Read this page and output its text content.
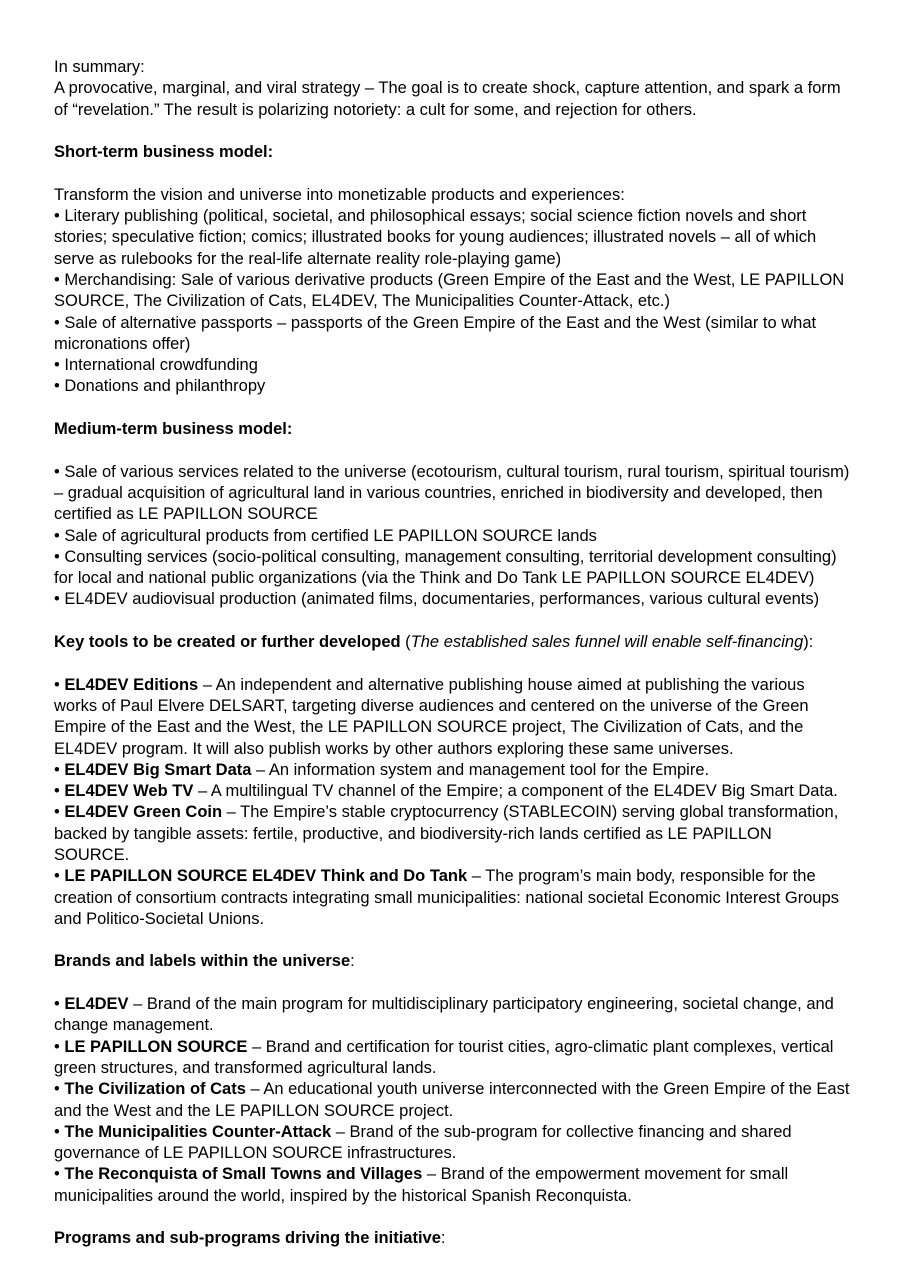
In summary:

A provocative, marginal, and viral strategy – The goal is to create shock, capture attention, and spark a form of “revelation.” The result is polarizing notoriety: a cult for some, and rejection for others.

Short-term business model:

Transform the vision and universe into monetizable products and experiences:

• Literary publishing (political, societal, and philosophical essays; social science fiction novels and short stories; speculative fiction; comics; illustrated books for young audiences; illustrated novels – all of which serve as rulebooks for the real-life alternate reality role-playing game)

• Merchandising: Sale of various derivative products (Green Empire of the East and the West, LE PAPILLON SOURCE, The Civilization of Cats, EL4DEV, The Municipalities Counter-Attack, etc.)

• Sale of alternative passports – passports of the Green Empire of the East and the West (similar to what micronations offer)

• International crowdfunding

• Donations and philanthropy

Medium-term business model:

• Sale of various services related to the universe (ecotourism, cultural tourism, rural tourism, spiritual tourism) – gradual acquisition of agricultural land in various countries, enriched in biodiversity and developed, then certified as LE PAPILLON SOURCE

• Sale of agricultural products from certified LE PAPILLON SOURCE lands

• Consulting services (socio-political consulting, management consulting, territorial development consulting) for local and national public organizations (via the Think and Do Tank LE PAPILLON SOURCE EL4DEV)

• EL4DEV audiovisual production (animated films, documentaries, performances, various cultural events)

Key tools to be created or further developed (The established sales funnel will enable self-financing):

• EL4DEV Editions – An independent and alternative publishing house aimed at publishing the various works of Paul Elvere DELSART, targeting diverse audiences and centered on the universe of the Green Empire of the East and the West, the LE PAPILLON SOURCE project, The Civilization of Cats, and the EL4DEV program. It will also publish works by other authors exploring these same universes.

• EL4DEV Big Smart Data – An information system and management tool for the Empire.

• EL4DEV Web TV – A multilingual TV channel of the Empire; a component of the EL4DEV Big Smart Data.

• EL4DEV Green Coin – The Empire’s stable cryptocurrency (STABLECOIN) serving global transformation, backed by tangible assets: fertile, productive, and biodiversity-rich lands certified as LE PAPILLON SOURCE.

• LE PAPILLON SOURCE EL4DEV Think and Do Tank – The program’s main body, responsible for the creation of consortium contracts integrating small municipalities: national societal Economic Interest Groups and Politico-Societal Unions.

Brands and labels within the universe:

• EL4DEV – Brand of the main program for multidisciplinary participatory engineering, societal change, and change management.

• LE PAPILLON SOURCE – Brand and certification for tourist cities, agro-climatic plant complexes, vertical green structures, and transformed agricultural lands.

• The Civilization of Cats – An educational youth universe interconnected with the Green Empire of the East and the West and the LE PAPILLON SOURCE project.

• The Municipalities Counter-Attack – Brand of the sub-program for collective financing and shared governance of LE PAPILLON SOURCE infrastructures.

• The Reconquista of Small Towns and Villages – Brand of the empowerment movement for small municipalities around the world, inspired by the historical Spanish Reconquista.

Programs and sub-programs driving the initiative:
